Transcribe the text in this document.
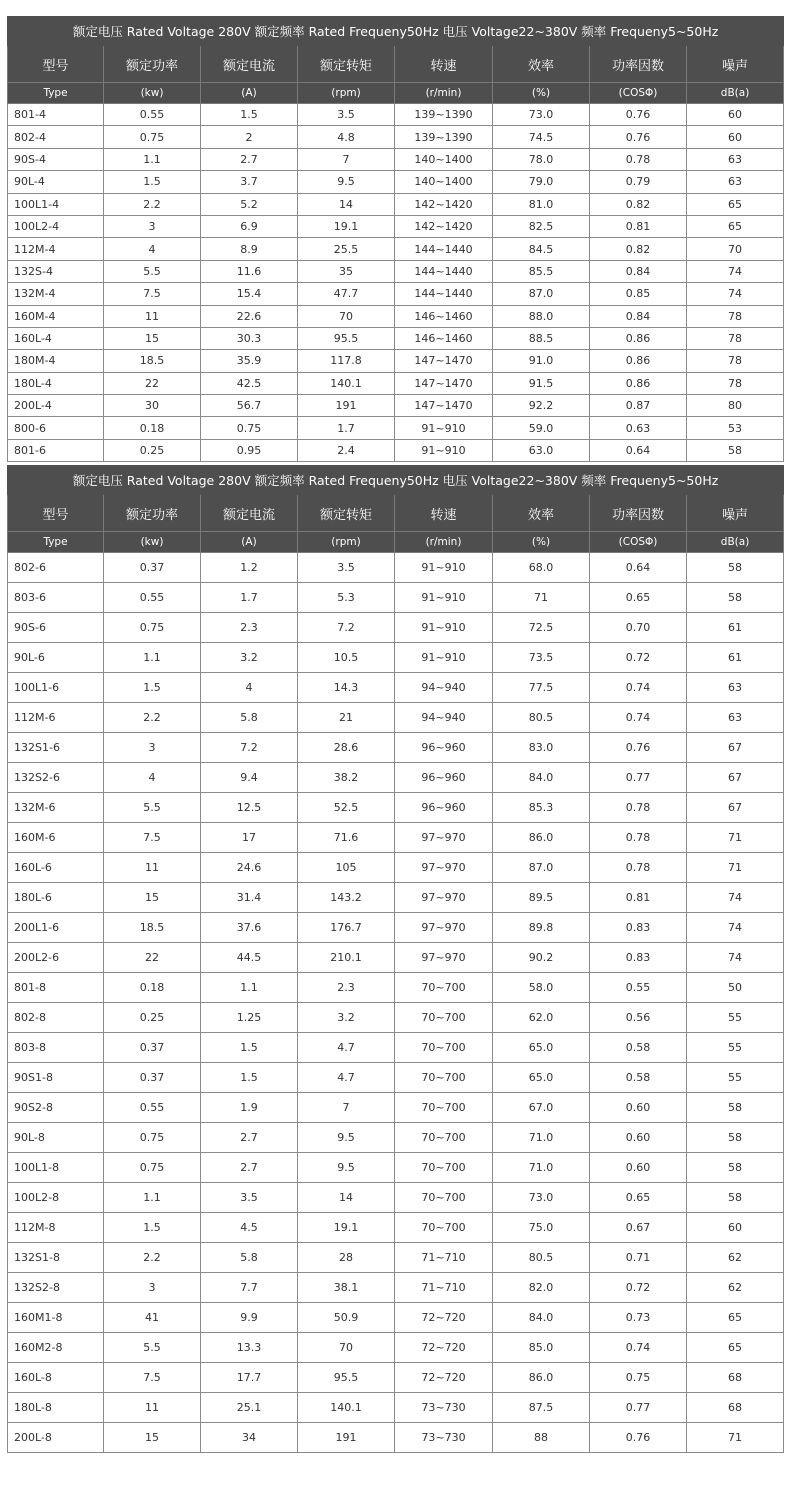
额定电压 Rated Voltage 280V 额定频率 Rated Frequeny50Hz 电压 Voltage22~380V 频率 Frequeny5~50Hz							
型号	额定功率	额定电流	额定转矩	转速	效率	功率因数	噪声
Type	(kw)	(A)	(rpm)	(r/min)	(%)	(COSΦ)	dB(a)
801-4	0.55	1.5	3.5	139~1390	73.0	0.76	60
802-4	0.75	2	4.8	139~1390	74.5	0.76	60
90S-4	1.1	2.7	7	140~1400	78.0	0.78	63
90L-4	1.5	3.7	9.5	140~1400	79.0	0.79	63
100L1-4	2.2	5.2	14	142~1420	81.0	0.82	65
100L2-4	3	6.9	19.1	142~1420	82.5	0.81	65
112M-4	4	8.9	25.5	144~1440	84.5	0.82	70
132S-4	5.5	11.6	35	144~1440	85.5	0.84	74
132M-4	7.5	15.4	47.7	144~1440	87.0	0.85	74
160M-4	11	22.6	70	146~1460	88.0	0.84	78
160L-4	15	30.3	95.5	146~1460	88.5	0.86	78
180M-4	18.5	35.9	117.8	147~1470	91.0	0.86	78
180L-4	22	42.5	140.1	147~1470	91.5	0.86	78
200L-4	30	56.7	191	147~1470	92.2	0.87	80
800-6	0.18	0.75	1.7	91~910	59.0	0.63	53
801-6	0.25	0.95	2.4	91~910	63.0	0.64	58
额定电压 Rated Voltage 280V 额定频率 Rated Frequeny50Hz 电压 Voltage22~380V 频率 Frequeny5~50Hz							
型号	额定功率	额定电流	额定转矩	转速	效率	功率因数	噪声
Type	(kw)	(A)	(rpm)	(r/min)	(%)	(COSΦ)	dB(a)
802-6	0.37	1.2	3.5	91~910	68.0	0.64	58
803-6	0.55	1.7	5.3	91~910	71	0.65	58
90S-6	0.75	2.3	7.2	91~910	72.5	0.70	61
90L-6	1.1	3.2	10.5	91~910	73.5	0.72	61
100L1-6	1.5	4	14.3	94~940	77.5	0.74	63
112M-6	2.2	5.8	21	94~940	80.5	0.74	63
132S1-6	3	7.2	28.6	96~960	83.0	0.76	67
132S2-6	4	9.4	38.2	96~960	84.0	0.77	67
132M-6	5.5	12.5	52.5	96~960	85.3	0.78	67
160M-6	7.5	17	71.6	97~970	86.0	0.78	71
160L-6	11	24.6	105	97~970	87.0	0.78	71
180L-6	15	31.4	143.2	97~970	89.5	0.81	74
200L1-6	18.5	37.6	176.7	97~970	89.8	0.83	74
200L2-6	22	44.5	210.1	97~970	90.2	0.83	74
801-8	0.18	1.1	2.3	70~700	58.0	0.55	50
802-8	0.25	1.25	3.2	70~700	62.0	0.56	55
803-8	0.37	1.5	4.7	70~700	65.0	0.58	55
90S1-8	0.37	1.5	4.7	70~700	65.0	0.58	55
90S2-8	0.55	1.9	7	70~700	67.0	0.60	58
90L-8	0.75	2.7	9.5	70~700	71.0	0.60	58
100L1-8	0.75	2.7	9.5	70~700	71.0	0.60	58
100L2-8	1.1	3.5	14	70~700	73.0	0.65	58
112M-8	1.5	4.5	19.1	70~700	75.0	0.67	60
132S1-8	2.2	5.8	28	71~710	80.5	0.71	62
132S2-8	3	7.7	38.1	71~710	82.0	0.72	62
160M1-8	41	9.9	50.9	72~720	84.0	0.73	65
160M2-8	5.5	13.3	70	72~720	85.0	0.74	65
160L-8	7.5	17.7	95.5	72~720	86.0	0.75	68
180L-8	11	25.1	140.1	73~730	87.5	0.77	68
200L-8	15	34	191	73~730	88	0.76	71
